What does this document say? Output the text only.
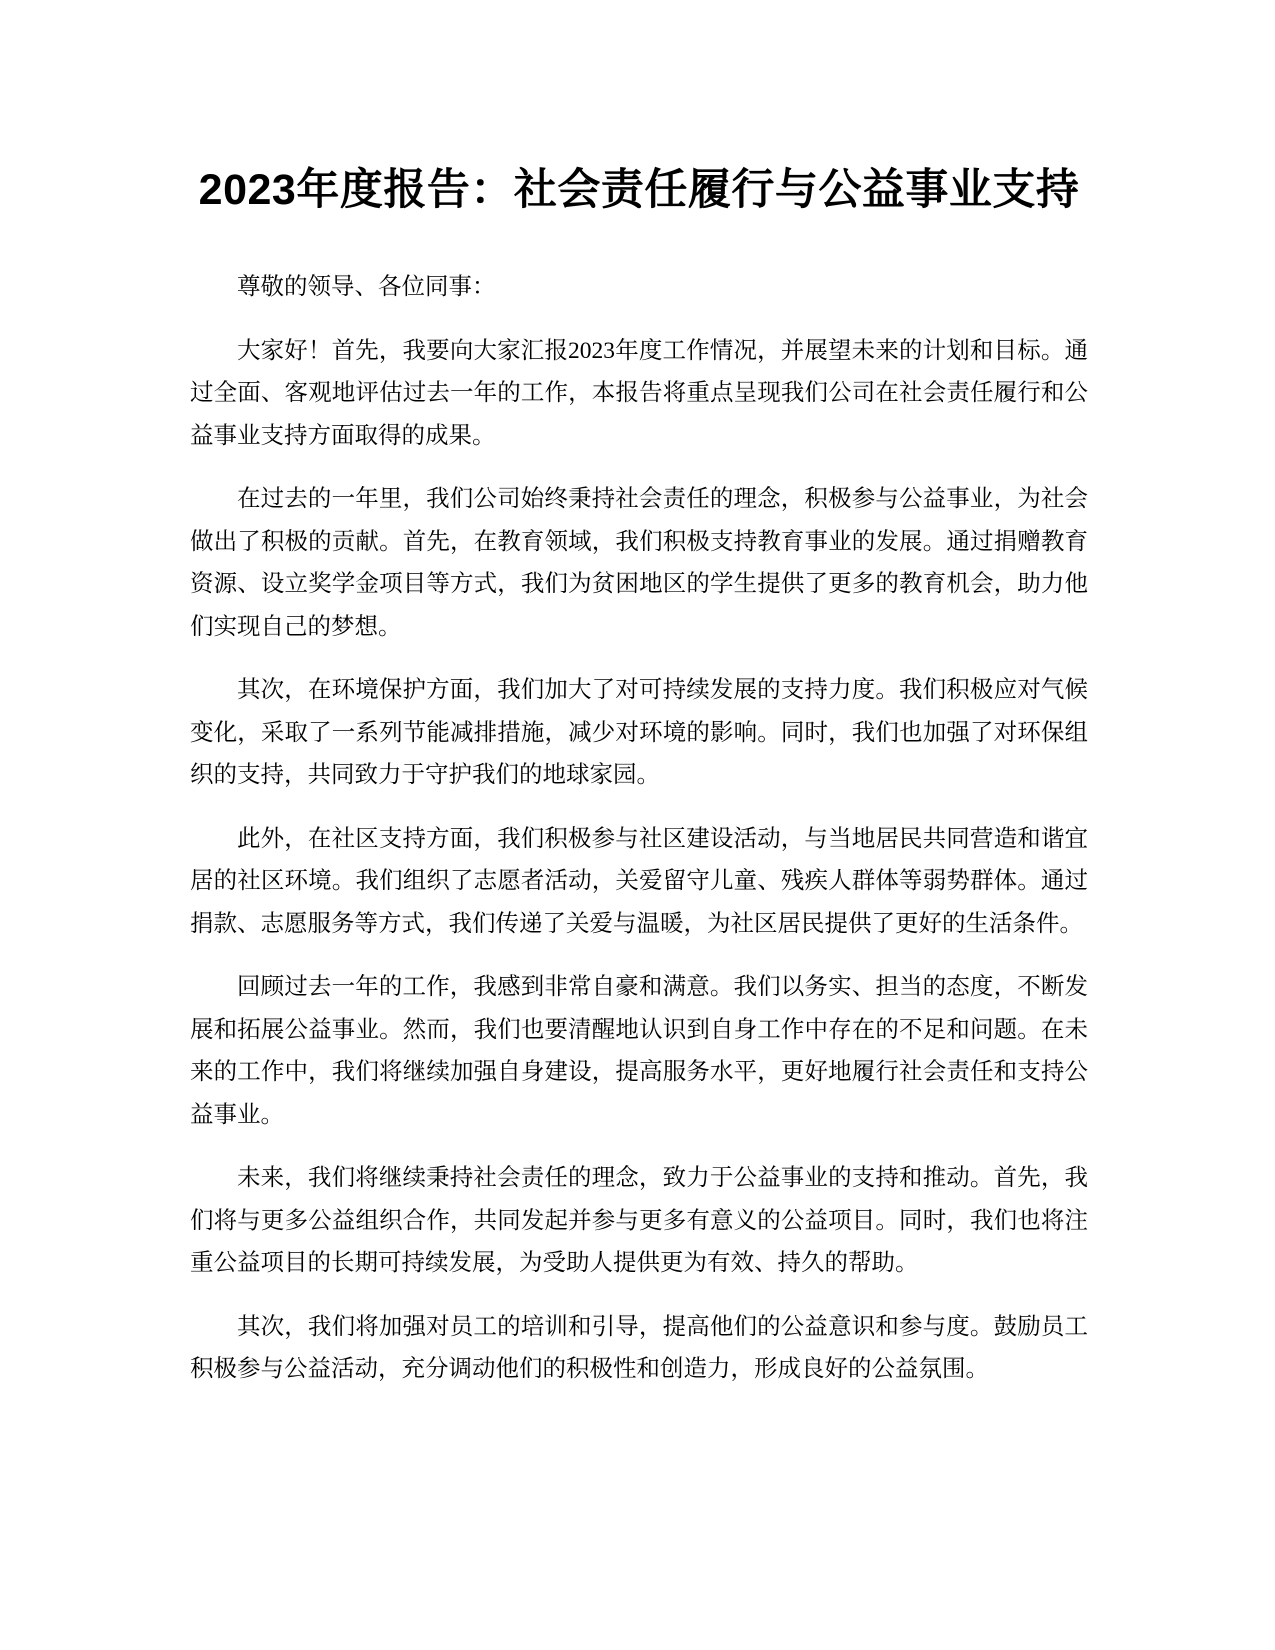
2023年度报告：社会责任履行与公益事业支持

尊敬的领导、各位同事：

大家好！首先，我要向大家汇报2023年度工作情况，并展望未来的计划和目标。通过全面、客观地评估过去一年的工作，本报告将重点呈现我们公司在社会责任履行和公益事业支持方面取得的成果。

在过去的一年里，我们公司始终秉持社会责任的理念，积极参与公益事业，为社会做出了积极的贡献。首先，在教育领域，我们积极支持教育事业的发展。通过捐赠教育资源、设立奖学金项目等方式，我们为贫困地区的学生提供了更多的教育机会，助力他们实现自己的梦想。

其次，在环境保护方面，我们加大了对可持续发展的支持力度。我们积极应对气候变化，采取了一系列节能减排措施，减少对环境的影响。同时，我们也加强了对环保组织的支持，共同致力于守护我们的地球家园。

此外，在社区支持方面，我们积极参与社区建设活动，与当地居民共同营造和谐宜居的社区环境。我们组织了志愿者活动，关爱留守儿童、残疾人群体等弱势群体。通过捐款、志愿服务等方式，我们传递了关爱与温暖，为社区居民提供了更好的生活条件。

回顾过去一年的工作，我感到非常自豪和满意。我们以务实、担当的态度，不断发展和拓展公益事业。然而，我们也要清醒地认识到自身工作中存在的不足和问题。在未来的工作中，我们将继续加强自身建设，提高服务水平，更好地履行社会责任和支持公益事业。

未来，我们将继续秉持社会责任的理念，致力于公益事业的支持和推动。首先，我们将与更多公益组织合作，共同发起并参与更多有意义的公益项目。同时，我们也将注重公益项目的长期可持续发展，为受助人提供更为有效、持久的帮助。

其次，我们将加强对员工的培训和引导，提高他们的公益意识和参与度。鼓励员工积极参与公益活动，充分调动他们的积极性和创造力，形成良好的公益氛围。
